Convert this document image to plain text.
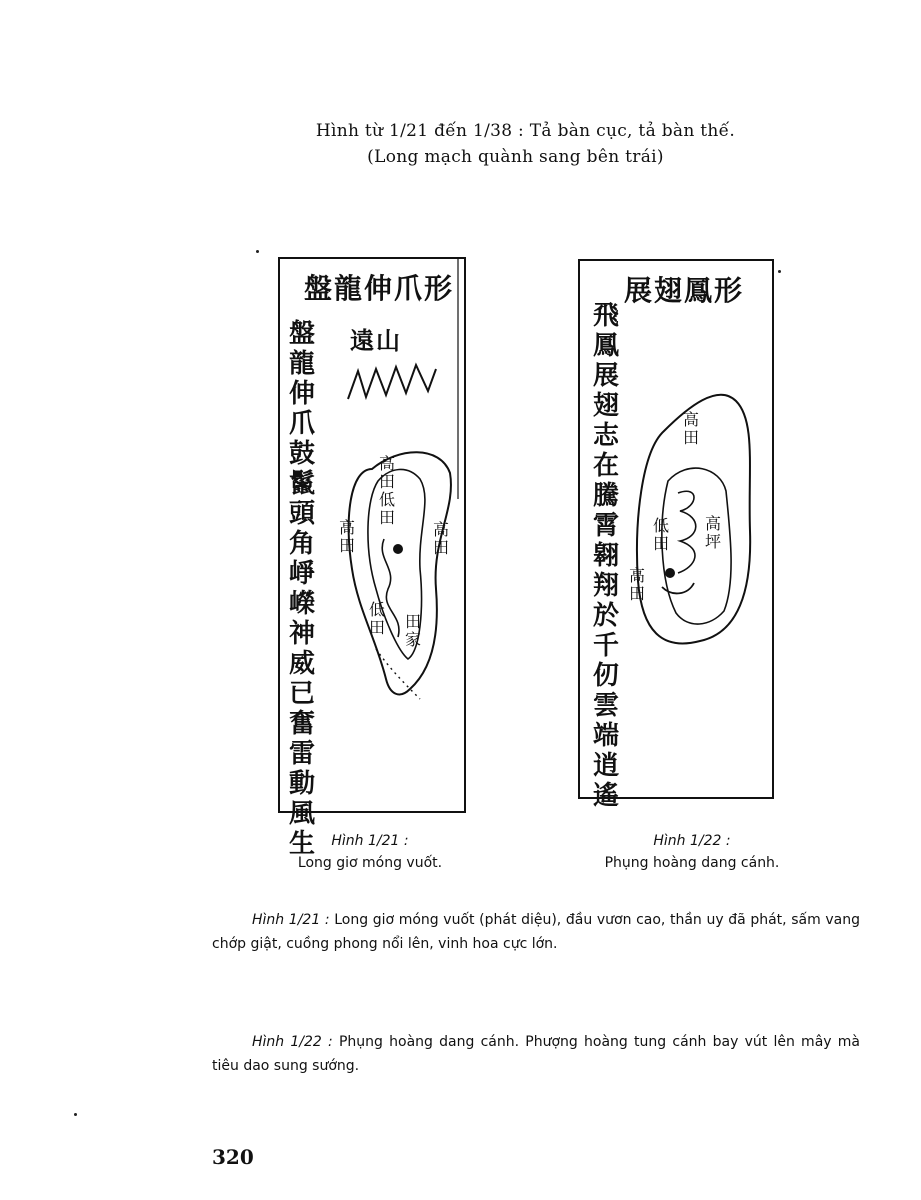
Hình từ 1/21 đến 1/38 : Tả bàn cục, tả bàn thế.
(Long mạch quành sang bên trái)
盤龍伸爪形
遠山
盤龍伸爪鼓鬣頭角崢嶸神威已奮雷動風生
高田低田
高田
高田
低田 田家
展翅鳳形
飛鳳展翅志在騰霄翱翔於千仞雲端逍遙
高田
高坪
低田
高田
Hình 1/21 :
Long giơ móng vuốt.
Hình 1/22 :
Phụng hoàng dang cánh.
Hình 1/21 : Long giơ móng vuốt (phát diệu), đầu vươn cao, thần uy đã phát, sấm vang chớp giật, cuồng phong nổi lên, vinh hoa cực lớn.
Hình 1/22 : Phụng hoàng dang cánh. Phượng hoàng tung cánh bay vút lên mây mà tiêu dao sung sướng.
320
